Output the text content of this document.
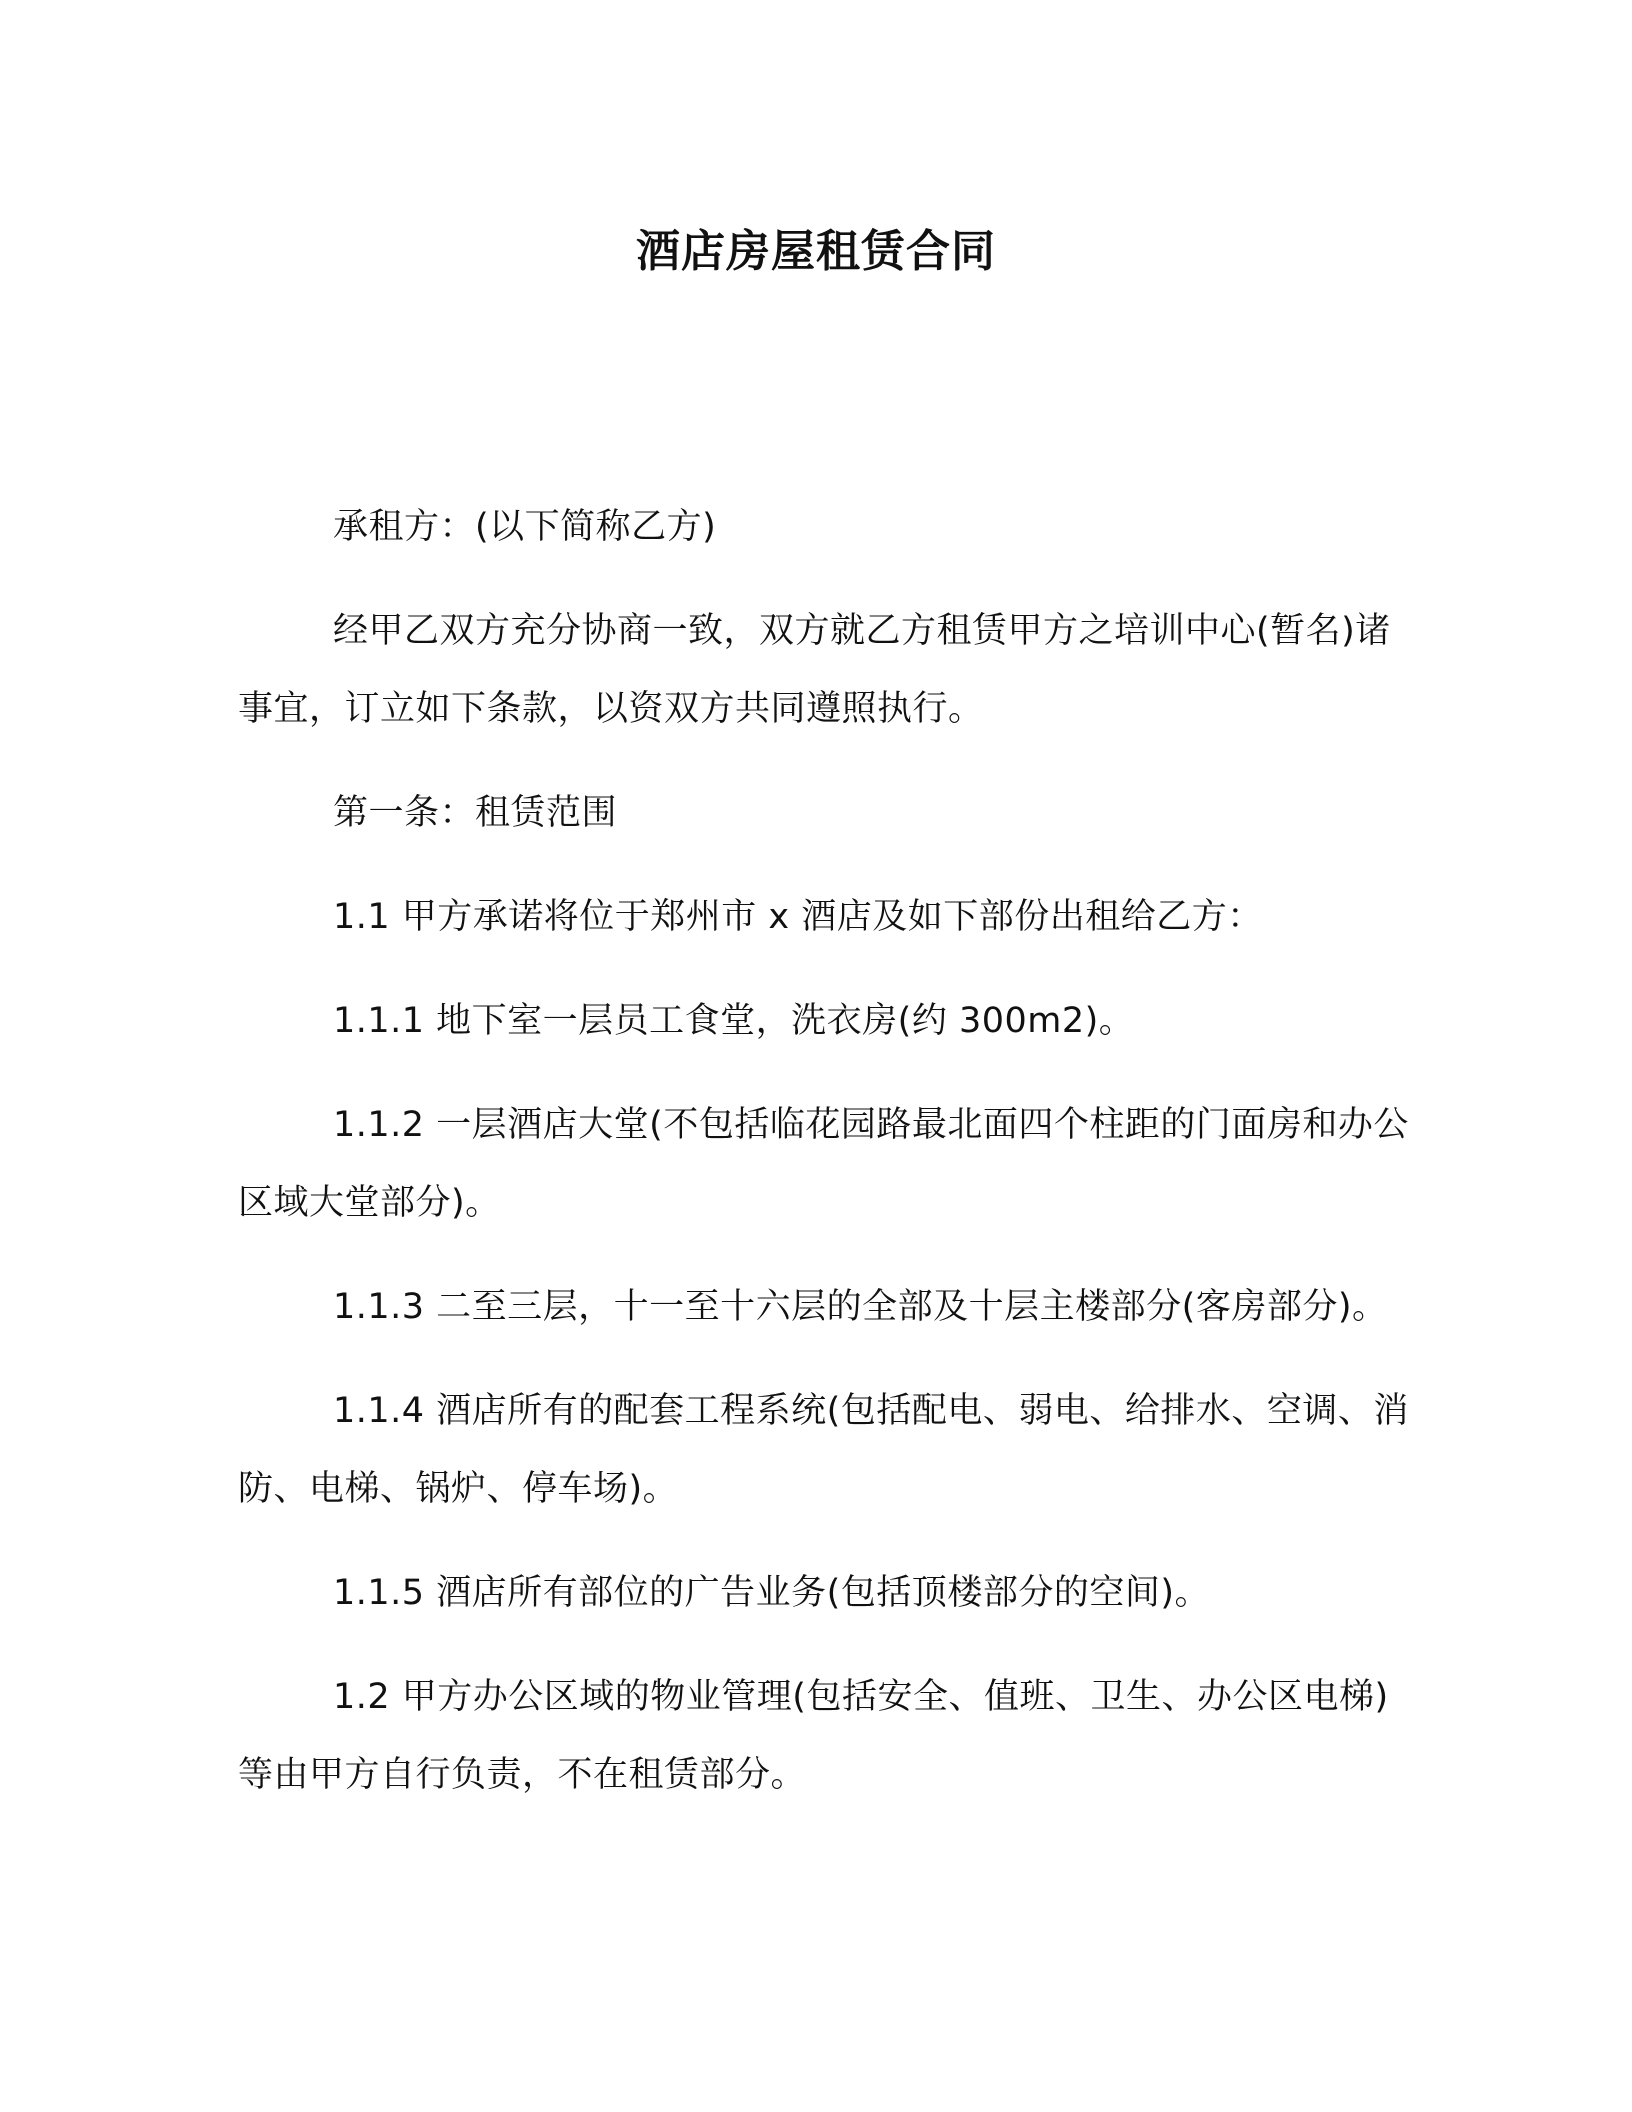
酒店房屋租赁合同

承租方：(以下简称乙方)

经甲乙双方充分协商一致，双方就乙方租赁甲方之培训中心(暂名)诸事宜，订立如下条款，以资双方共同遵照执行。

第一条：租赁范围

1.1 甲方承诺将位于郑州市 x 酒店及如下部份出租给乙方：

1.1.1 地下室一层员工食堂，洗衣房(约 300m2)。

1.1.2 一层酒店大堂(不包括临花园路最北面四个柱距的门面房和办公区域大堂部分)。

1.1.3 二至三层，十一至十六层的全部及十层主楼部分(客房部分)。

1.1.4 酒店所有的配套工程系统(包括配电、弱电、给排水、空调、消防、电梯、锅炉、停车场)。

1.1.5 酒店所有部位的广告业务(包括顶楼部分的空间)。

1.2 甲方办公区域的物业管理(包括安全、值班、卫生、办公区电梯)等由甲方自行负责，不在租赁部分。
